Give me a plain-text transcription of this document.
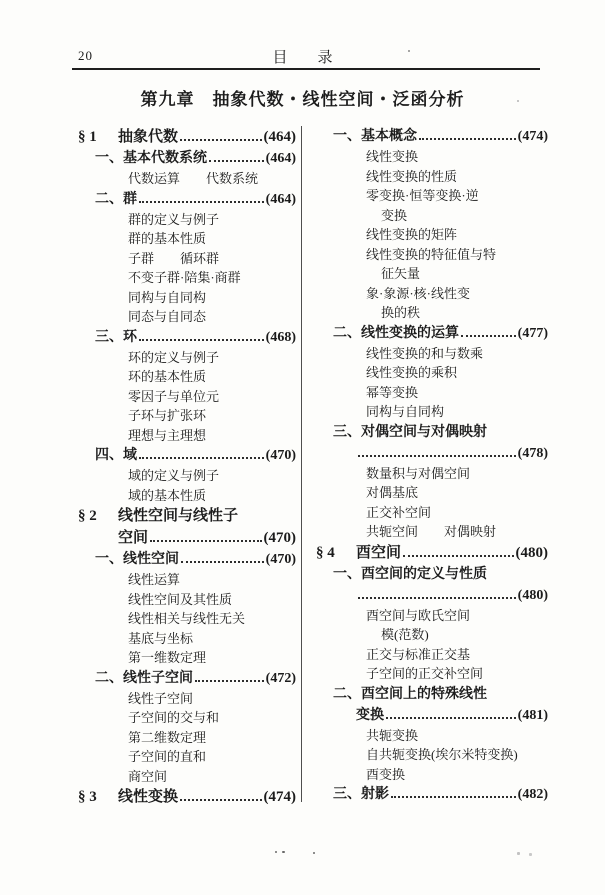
20	目　　录
第九章　抽象代数・线性空间・泛函分析
§ 1	抽象代数	(464)
一、基本代数系统	(464)
代数运算　　代数系统
二、群	(464)
群的定义与例子
群的基本性质
子群　　循环群
不变子群·陪集·商群
同构与自同构
同态与自同态
三、环	(468)
环的定义与例子
环的基本性质
零因子与单位元
子环与扩张环
理想与主理想
四、域	(470)
域的定义与例子
域的基本性质
§ 2	线性空间与线性子
空间	(470)
一、线性空间	(470)
线性运算
线性空间及其性质
线性相关与线性无关
基底与坐标
第一维数定理
二、线性子空间	(472)
线性子空间
子空间的交与和
第二维数定理
子空间的直和
商空间
§ 3	线性变换	(474)
一、基本概念	(474)
线性变换
线性变换的性质
零变换·恒等变换·逆
变换
线性变换的矩阵
线性变换的特征值与特
征矢量
象·象源·核·线性变
换的秩
二、线性变换的运算	(477)
线性变换的和与数乘
线性变换的乘积
幂等变换
同构与自同构
三、对偶空间与对偶映射
(478)
数量积与对偶空间
对偶基底
正交补空间
共轭空间　　对偶映射
§ 4	酉空间	(480)
一、酉空间的定义与性质
(480)
酉空间与欧氏空间
模(范数)
正交与标准正交基
子空间的正交补空间
二、酉空间上的特殊线性
变换	(481)
共轭变换
自共轭变换(埃尔米特变换)
酉变换
三、射影	(482)
